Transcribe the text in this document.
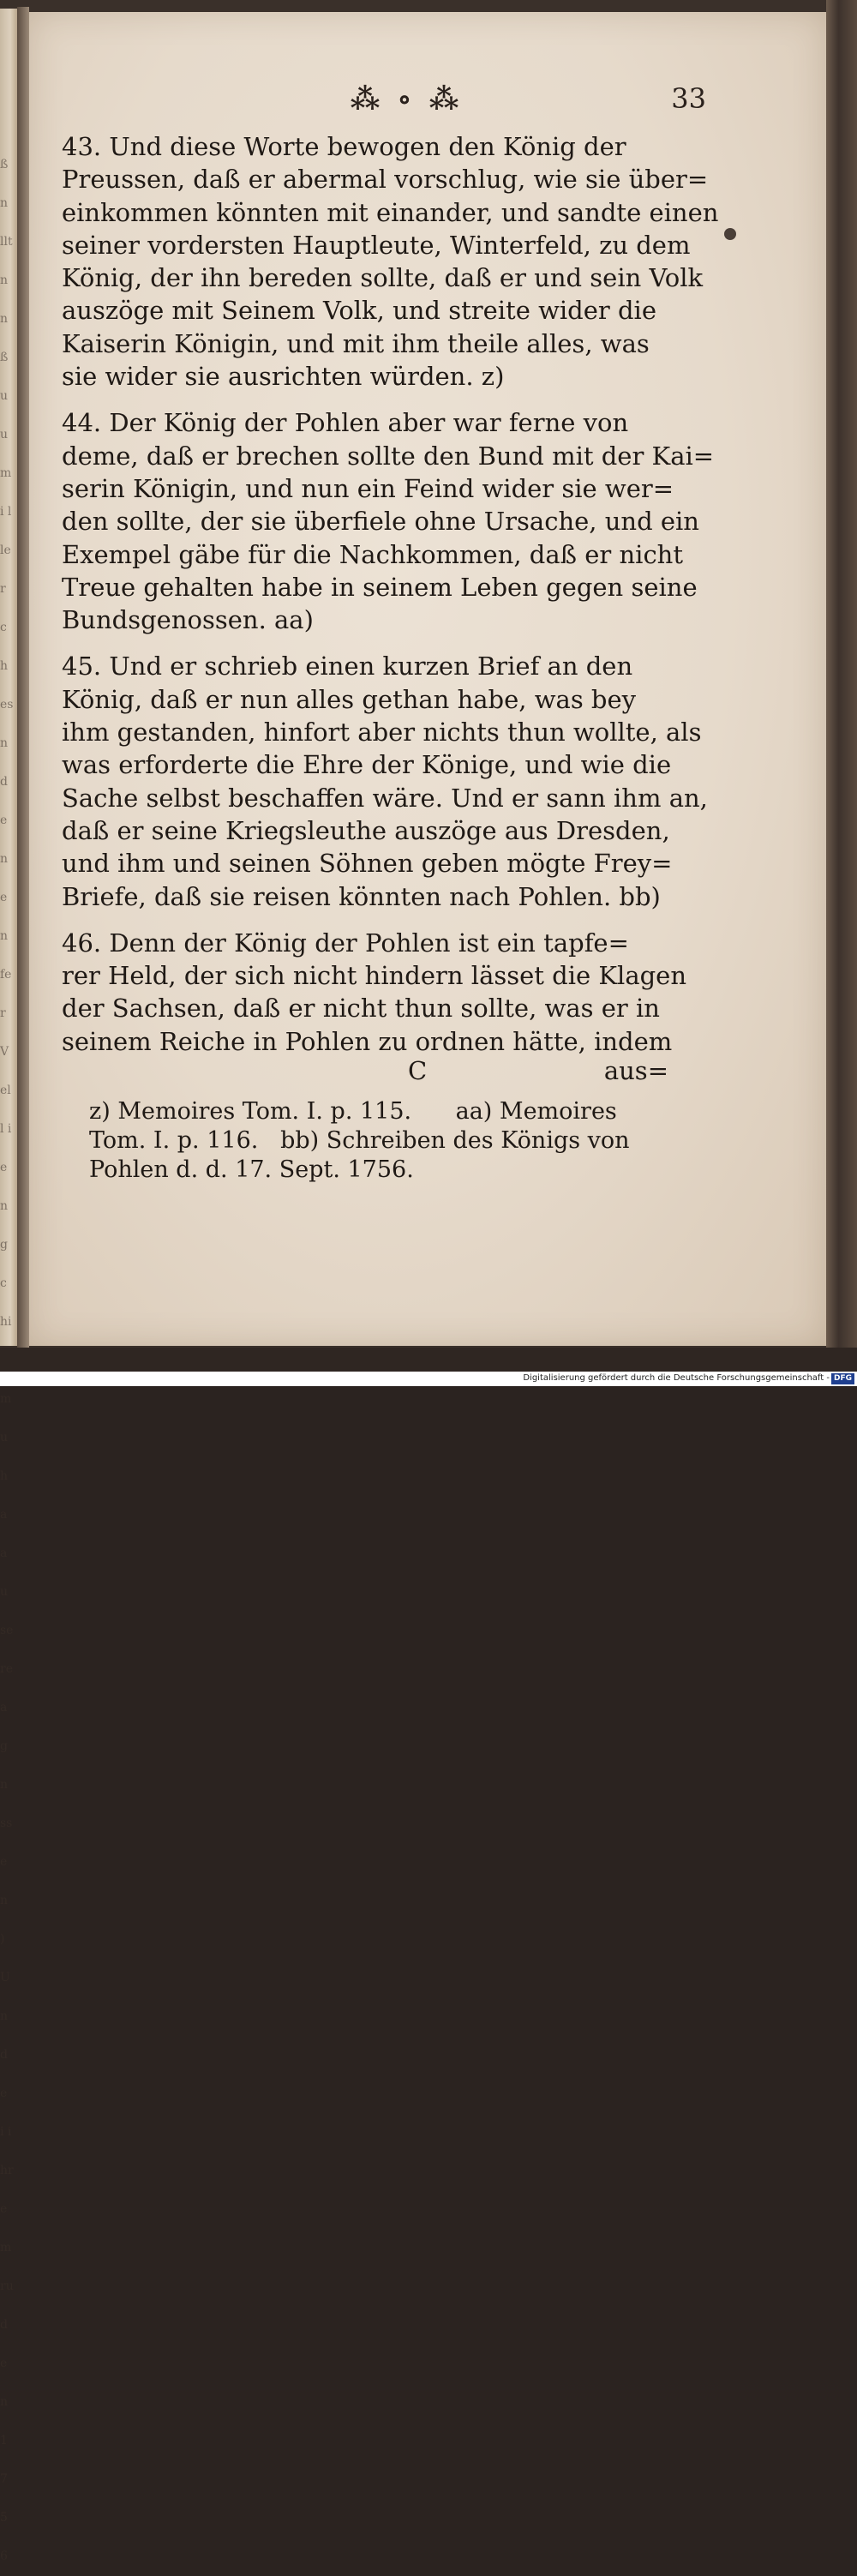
ß n llt nn ß uu mi ller ches nde nen fer Vell ieng chi mu ha au sere agn ssen ) Und e i ihrem ruden 1756
⁂ ∘ ⁂	33
43. Und diese Worte bewogen den König der
Preussen, daß er abermal vorschlug, wie sie über=
einkommen könnten mit einander, und sandte einen
seiner vordersten Hauptleute, Winterfeld, zu dem
König, der ihn bereden sollte, daß er und sein Volk
auszöge mit Seinem Volk, und streite wider die
Kaiserin Königin, und mit ihm theile alles, was
sie wider sie ausrichten würden. z)
44. Der König der Pohlen aber war ferne von
deme, daß er brechen sollte den Bund mit der Kai=
serin Königin, und nun ein Feind wider sie wer=
den sollte, der sie überfiele ohne Ursache, und ein
Exempel gäbe für die Nachkommen, daß er nicht
Treue gehalten habe in seinem Leben gegen seine
Bundsgenossen. aa)
45. Und er schrieb einen kurzen Brief an den
König, daß er nun alles gethan habe, was bey
ihm gestanden, hinfort aber nichts thun wollte, als
was erforderte die Ehre der Könige, und wie die
Sache selbst beschaffen wäre. Und er sann ihm an,
daß er seine Kriegsleuthe auszöge aus Dresden,
und ihm und seinen Söhnen geben mögte Frey=
Briefe, daß sie reisen könnten nach Pohlen. bb)
46. Denn der König der Pohlen ist ein tapfe=
rer Held, der sich nicht hindern lässet die Klagen
der Sachsen, daß er nicht thun sollte, was er in
seinem Reiche in Pohlen zu ordnen hätte, indem
C	aus=
z) Memoires Tom. I. p. 115.      aa) Memoires
Tom. I. p. 116.   bb) Schreiben des Königs von
Pohlen d. d. 17. Sept. 1756.
Digitalisierung gefördert durch die Deutsche Forschungsgemeinschaft - DFG
